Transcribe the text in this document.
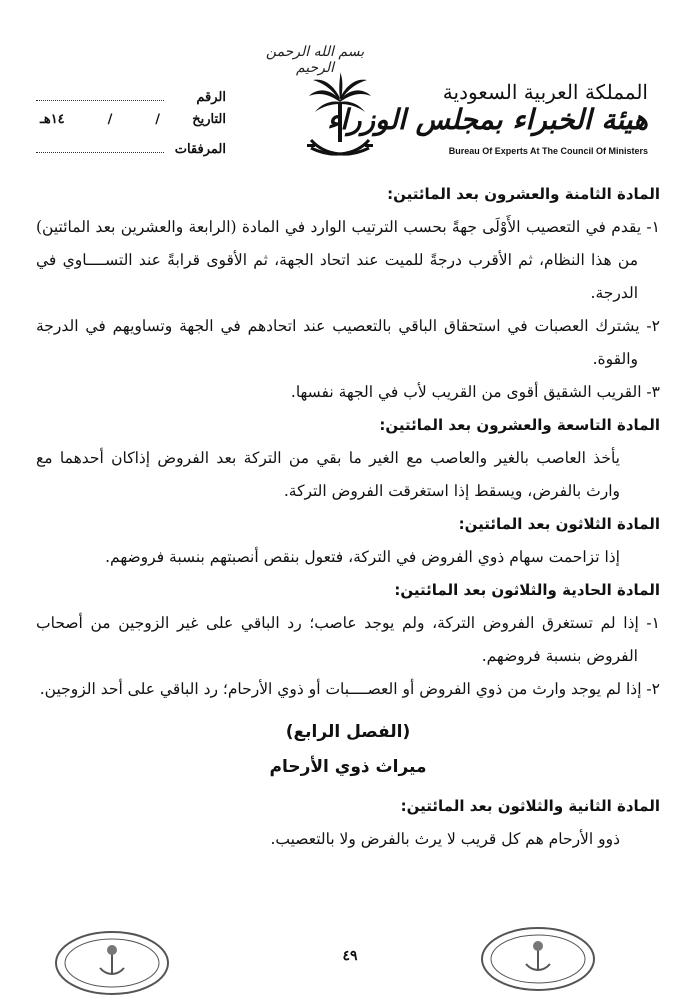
بسم الله الرحمن الرحيم
المملكة العربية السعودية
هيئة الخبراء بمجلس الوزراء
Bureau Of Experts At The Council Of Ministers
الرقم
التاريخ
/
/
١٤هـ
المرفقات

المادة الثامنة والعشرون بعد المائتين:

١- يقدم في التعصيب الأَوْلَى جهةً بحسب الترتيب الوارد في المادة (الرابعة والعشرين بعد المائتين) من هذا النظام، ثم الأقرب درجةً للميت عند اتحاد الجهة، ثم الأقوى قرابةً عند التســــاوي في الدرجة.

٢- يشترك العصبات في استحقاق الباقي بالتعصيب عند اتحادهم في الجهة وتساويهم في الدرجة والقوة.

٣- القريب الشقيق أقوى من القريب لأب في الجهة نفسها.

المادة التاسعة والعشرون بعد المائتين:

يأخذ العاصب بالغير والعاصب مع الغير ما بقي من التركة بعد الفروض إذاكان أحدهما مع وارث بالفرض، ويسقط إذا استغرقت الفروض التركة.

المادة الثلاثون بعد المائتين:

إذا تزاحمت سهام ذوي الفروض في التركة، فتعول بنقص أنصبتهم بنسبة فروضهم.

المادة الحادية والثلاثون بعد المائتين:

١- إذا لم تستغرق الفروض التركة، ولم يوجد عاصب؛ رد الباقي على غير الزوجين من أصحاب الفروض بنسبة فروضهم.

٢- إذا لم يوجد وارث من ذوي الفروض أو العصــــبات أو ذوي الأرحام؛ رد الباقي على أحد الزوجين.

(الفصل الرابع)
ميراث ذوي الأرحام

المادة الثانية والثلاثون بعد المائتين:

ذوو الأرحام هم كل قريب لا يرث بالفرض ولا بالتعصيب.

٤٩
